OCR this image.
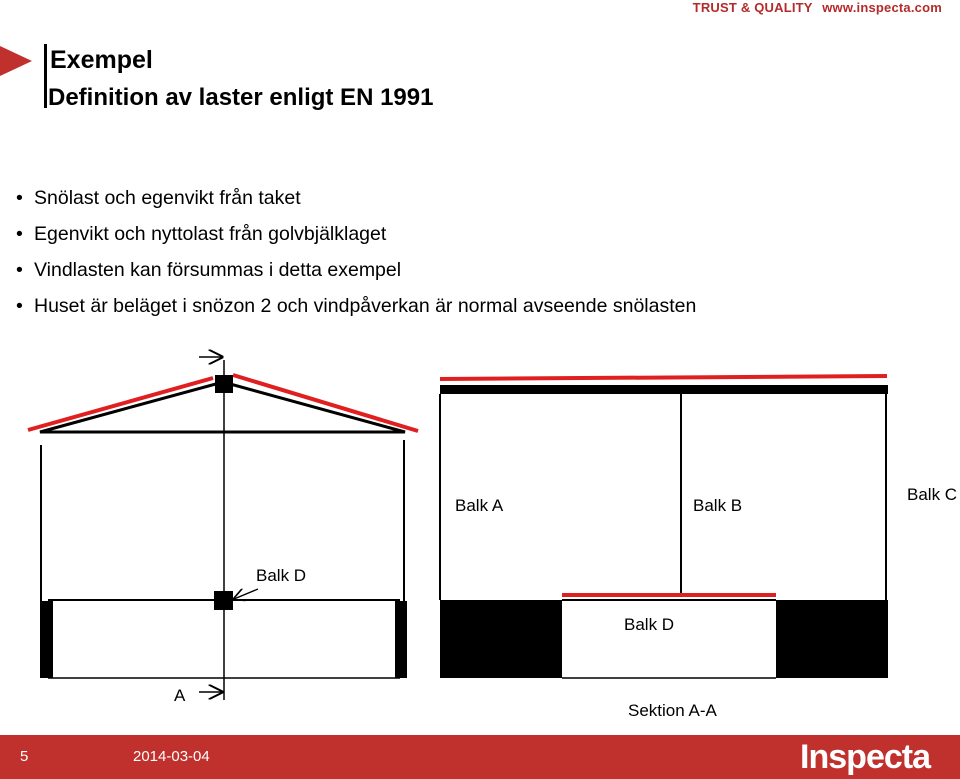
TRUST & QUALITY www.inspecta.com
Exempel
Definition av laster enligt EN 1991
• Snölast och egenvikt från taket
• Egenvikt och nyttolast från golvbjälklaget
• Vindlasten kan försummas i detta exempel
• Huset är beläget i snözon 2 och vindpåverkan är normal avseende snölasten
Balk D
A
Balk A	Balk B
Balk C
Balk D
Sektion A-A
5	2014-03-04	Inspecta
